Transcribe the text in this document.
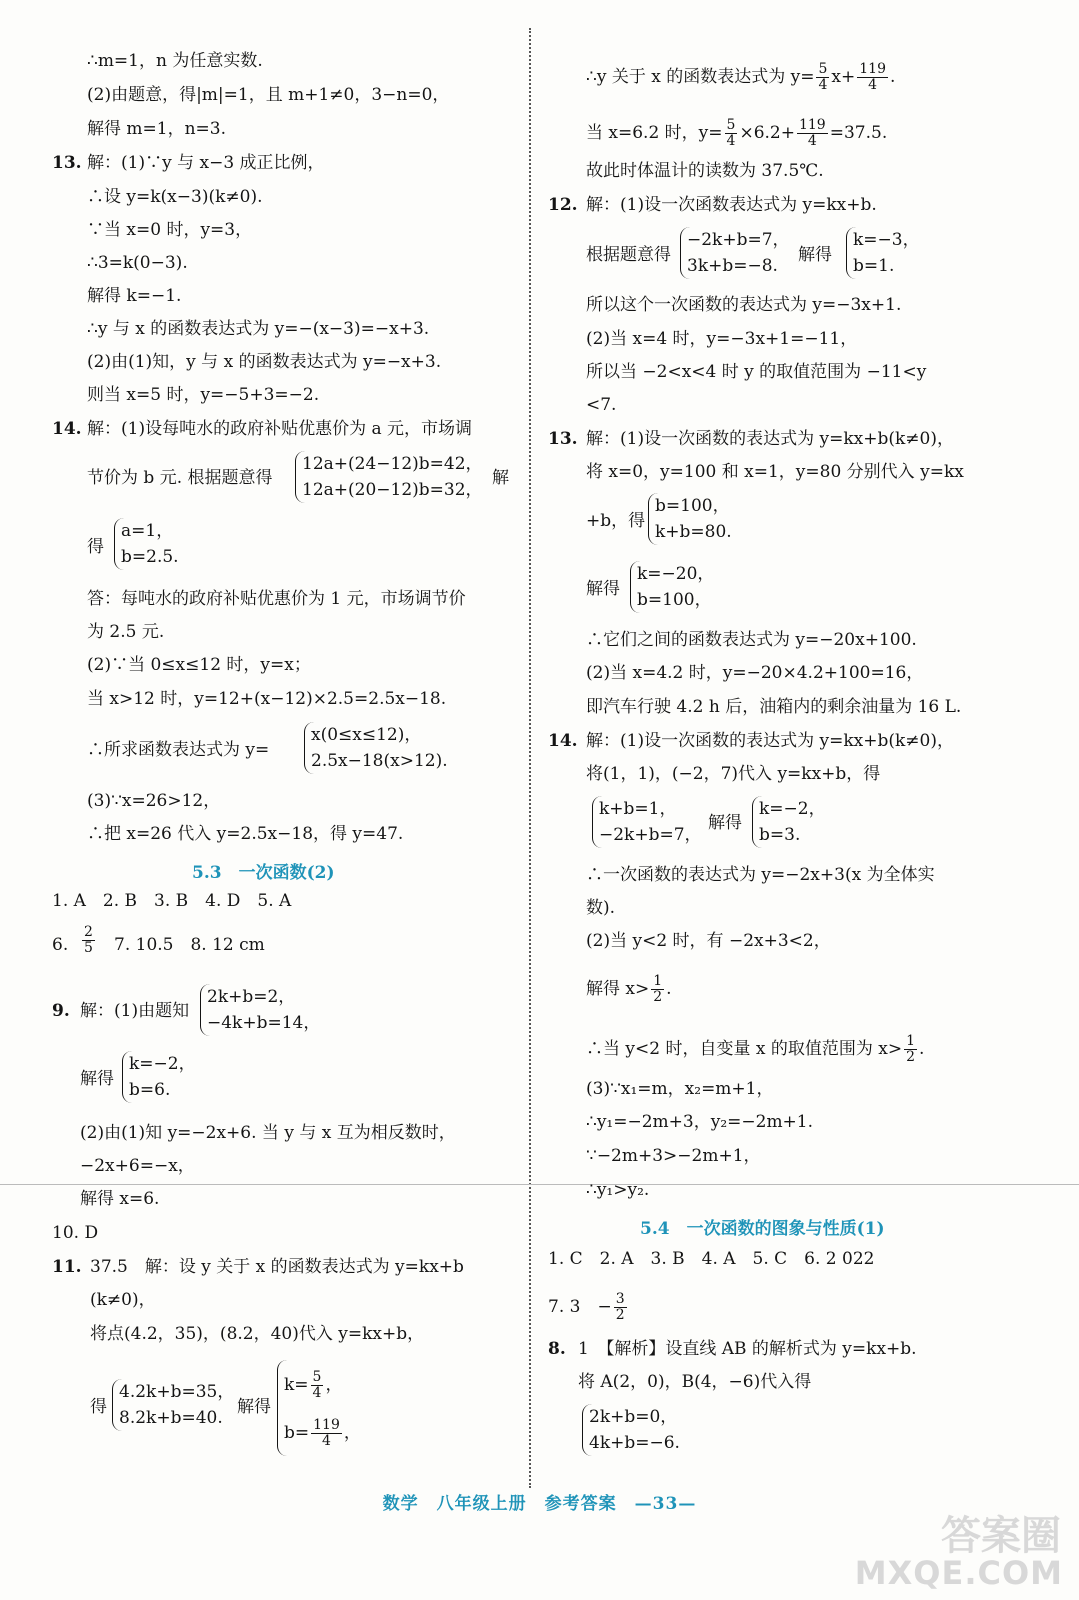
∴m=1，n 为任意实数.
(2)由题意，得|m|=1，且 m+1≠0，3−n=0，
解得 m=1，n=3.
13. 解：(1)∵y 与 x−3 成正比例，
∴设 y=k(x−3)(k≠0).
∵当 x=0 时，y=3，
∴3=k(0−3).
解得 k=−1.
∴y 与 x 的函数表达式为 y=−(x−3)=−x+3.
(2)由(1)知，y 与 x 的函数表达式为 y=−x+3.
则当 x=5 时，y=−5+3=−2.
14. 解：(1)设每吨水的政府补贴优惠价为 a 元，市场调
节价为 b 元. 根据题意得
12a+(24−12)b=42，
12a+(20−12)b=32，
解
得
a=1，
b=2.5.
答：每吨水的政府补贴优惠价为 1 元，市场调节价
为 2.5 元.
(2)∵当 0≤x≤12 时，y=x；
当 x>12 时，y=12+(x−12)×2.5=2.5x−18.
∴所求函数表达式为 y=
x(0≤x≤12)，
2.5x−18(x>12).
(3)∵x=26>12，
∴把 x=26 代入 y=2.5x−18，得 y=47.
5.3　一次函数(2)
1. A　2. B　3. B　4. D　5. A
6. $\frac{2}{5} 7$. 10.5　8. 12 cm
9. 解：(1)由题知
2k+b=2，
−4k+b=14，
解得
k=−2，
b=6.
(2)由(1)知 y=−2x+6. 当 y 与 x 互为相反数时，
−2x+6=−x，
解得 x=6.
10. D
11. 37.5　解：设 y 关于 x 的函数表达式为 y=kx+b
(k≠0)，
将点(4.2，35)，(8.2，40)代入 y=kx+b，
得
4.2k+b=35，
8.2k+b=40.
解得
$k= \frac{5}{4}$ ，
$b= \frac{119}{4}$ ，
∴y 关于 x 的函数表达式为 $y= \frac{5}{4} x+ \frac{119}{4}$ .
当 x=6.2 时，$y= \frac{5}{4} \times 6.2+ \frac{119}{4} =37.5$.
故此时体温计的读数为 37.5℃.
12. 解：(1)设一次函数表达式为 y=kx+b.
根据题意得
−2k+b=7，
3k+b=−8.
解得
k=−3，
b=1.
所以这个一次函数的表达式为 y=−3x+1.
(2)当 x=4 时，y=−3x+1=−11，
所以当 −2<x<4 时 y 的取值范围为 −11<y
<7.
13. 解：(1)设一次函数的表达式为 y=kx+b(k≠0)，
将 x=0，y=100 和 x=1，y=80 分别代入 y=kx
+b，得
b=100，
k+b=80.
解得
k=−20，
b=100，
∴它们之间的函数表达式为 y=−20x+100.
(2)当 x=4.2 时，y=−20×4.2+100=16，
即汽车行驶 4.2 h 后，油箱内的剩余油量为 16 L.
14. 解：(1)设一次函数的表达式为 y=kx+b(k≠0)，
将(1，1)，(−2，7)代入 y=kx+b，得
k+b=1，
−2k+b=7，
解得
k=−2，
b=3.
∴一次函数的表达式为 y=−2x+3(x 为全体实
数).
(2)当 y<2 时，有 −2x+3<2，
解得 $x> \frac{1}{2}$ .
∴当 y<2 时，自变量 x 的取值范围为 $x> \frac{1}{2}$ .
(3)∵x₁=m，x₂=m+1，
∴y₁=−2m+3，y₂=−2m+1.
∵−2m+3>−2m+1，
∴y₁>y₂.
5.4　一次函数的图象与性质(1)
1. C　2. A　3. B　4. A　5. C　6. 2 022
7. 3　− $\frac{3}{2}$
8. 1　【解析】设直线 AB 的解析式为 y=kx+b.
将 A(2，0)，B(4，−6)代入得
2k+b=0，
4k+b=−6.
数学　八年级上册　参考答案　—33—
答案圈
MXQE.COM
